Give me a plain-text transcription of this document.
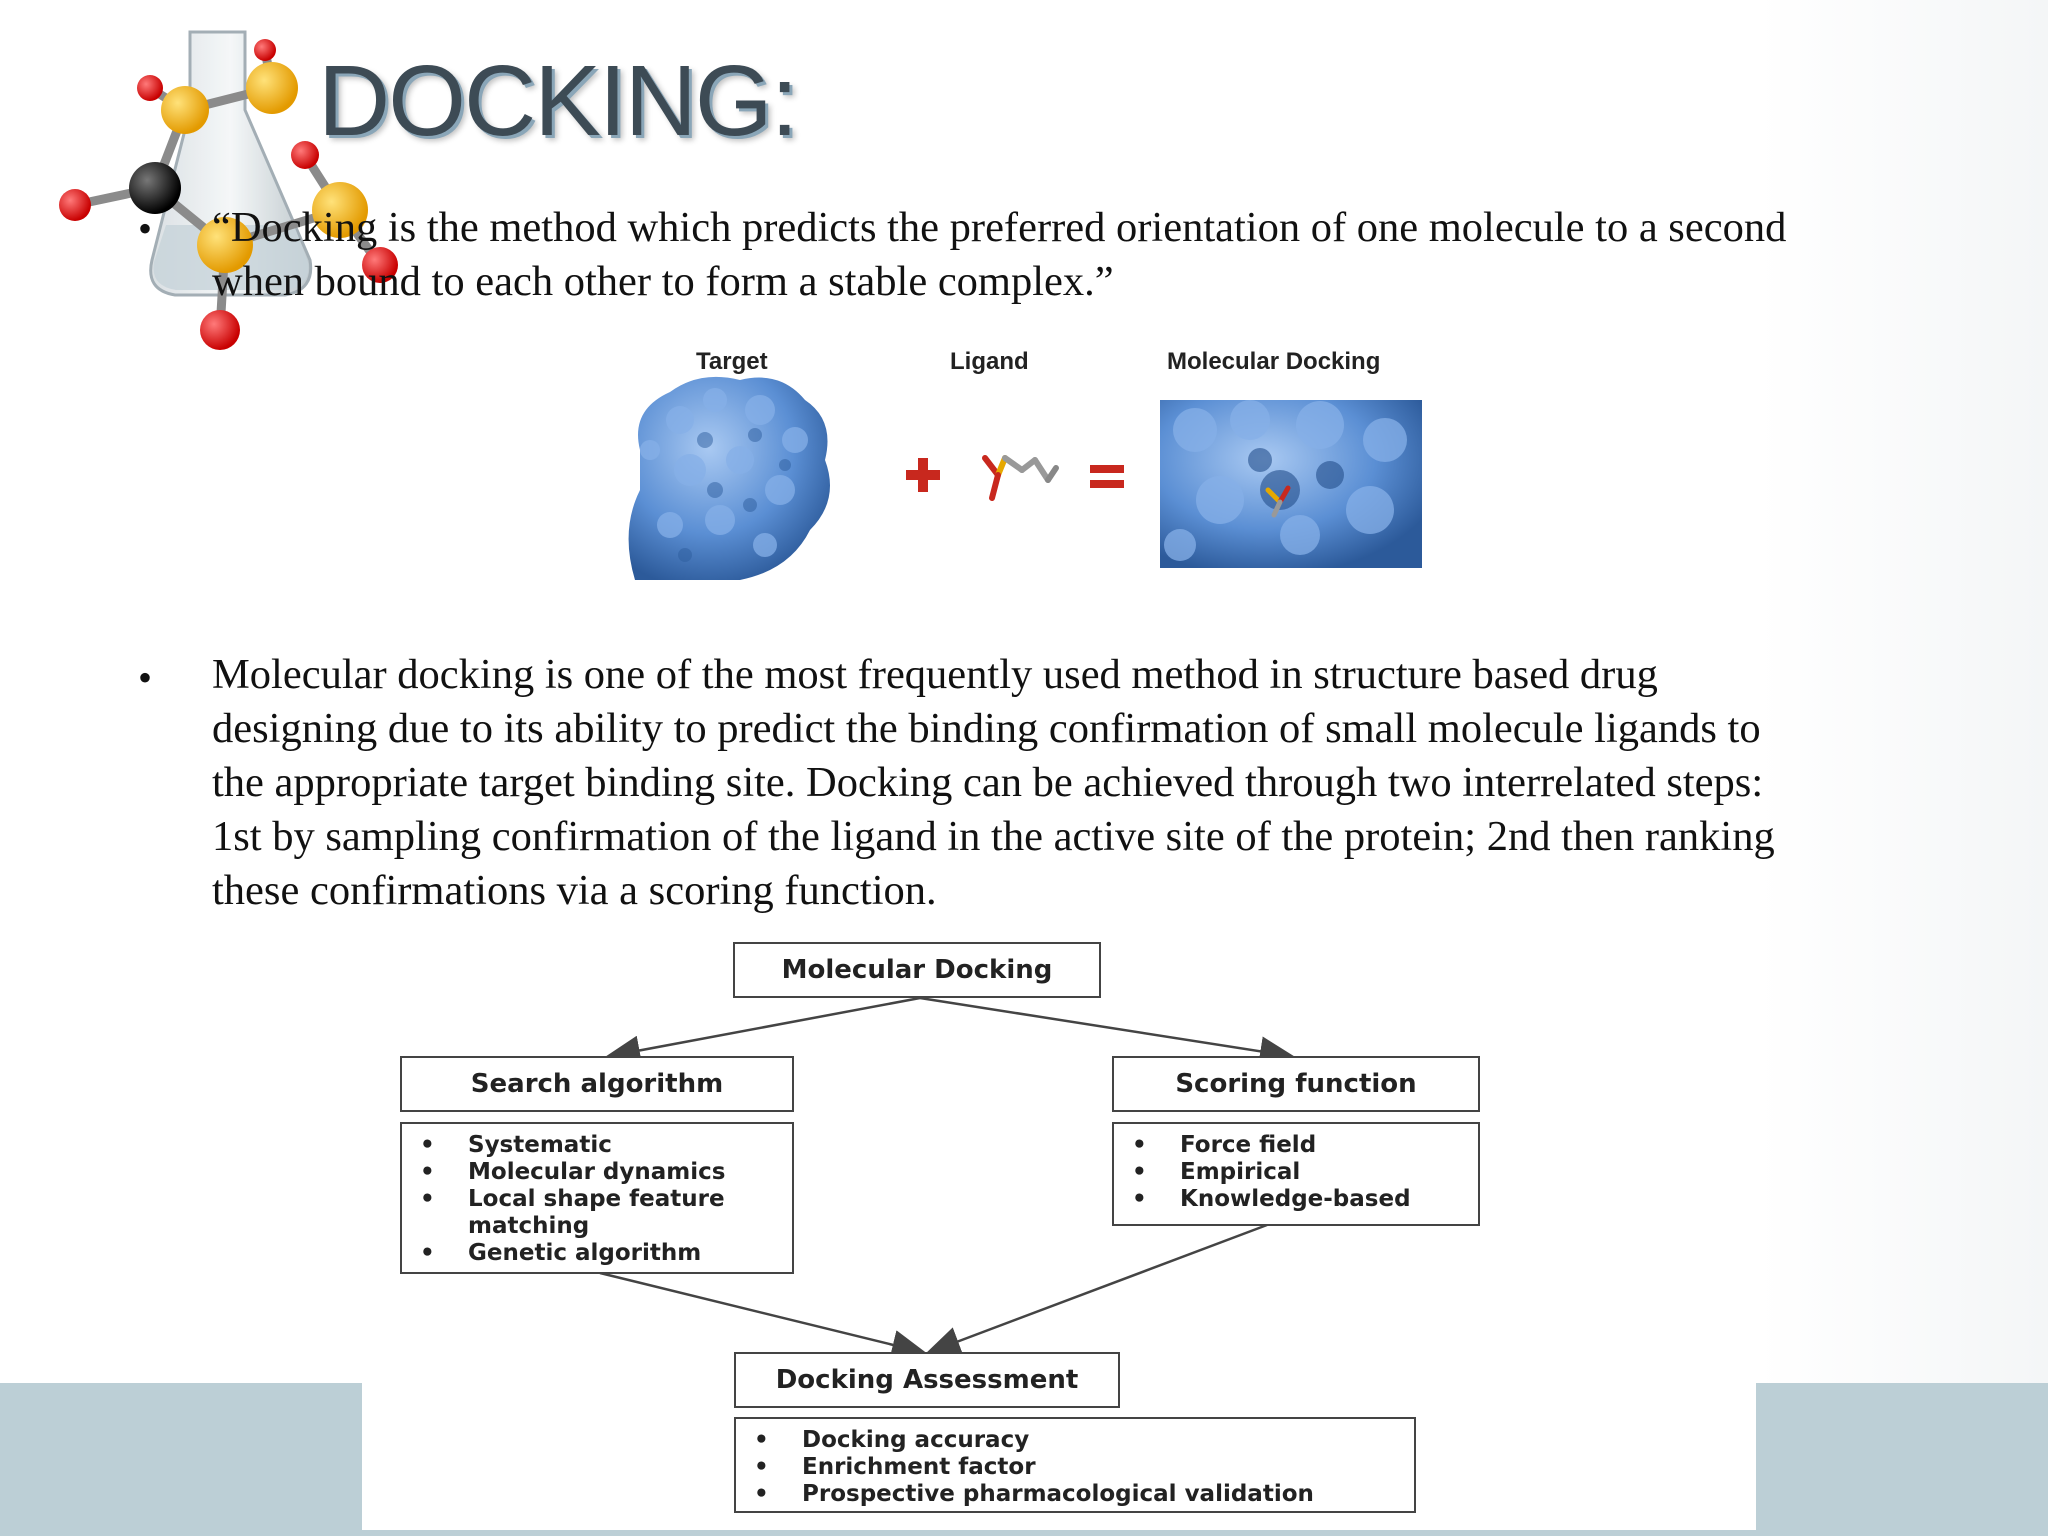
DOCKING:
• “Docking is the method which predicts the preferred orientation of one molecule to a second
when bound to each other to form a stable complex.”
Target	Ligand	Molecular Docking
• Molecular docking is one of the most frequently used method in structure based drug
designing due to its ability to predict the binding confirmation of small molecule ligands to
the appropriate target binding site. Docking can be achieved through two interrelated steps:
1st by sampling confirmation of the ligand in the active site of the protein; 2nd then ranking
these confirmations via a scoring function.
Molecular Docking
Search algorithm
• Systematic
• Molecular dynamics
• Local shape feature
matching
• Genetic algorithm
Scoring function
• Force field
• Empirical
• Knowledge-based
Docking Assessment
• Docking accuracy
• Enrichment factor
• Prospective pharmacological validation
